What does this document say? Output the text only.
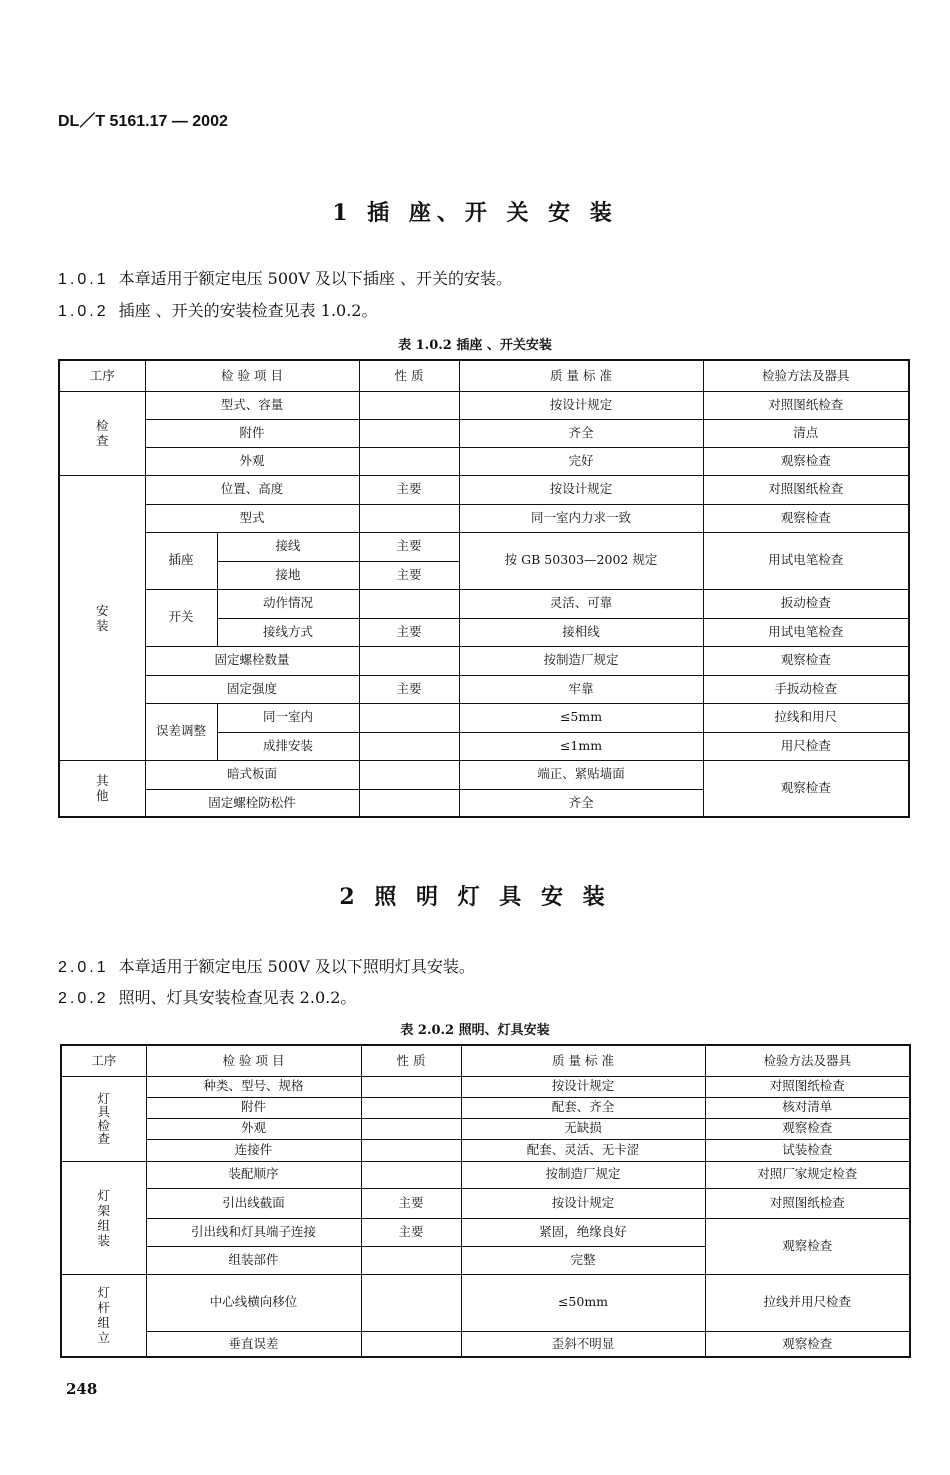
DL／T 5161.17 — 2002
1 插 座、开 关 安 装
1.0.1 本章适用于额定电压 500V 及以下插座 、开关的安装。
1.0.2 插座 、开关的安装检查见表 1.0.2。
表 1.0.2 插座 、开关安装
工序	检 验 项 目		性 质	质 量 标 准	检验方法及器具
检
查	型式、容量			按设计规定	对照图纸检查
	附件			齐全	清点
	外观			完好	观察检查
安
装	位置、高度		主要	按设计规定	对照图纸检查
	型式			同一室内力求一致	观察检查
	插座	接线	主要	按 GB 50303—2002 规定	用试电笔检查
		接地	主要		
	开关	动作情况		灵活、可靠	扳动检查
		接线方式	主要	接相线	用试电笔检查
	固定螺栓数量			按制造厂规定	观察检查
	固定强度		主要	牢靠	手扳动检查
	误差调整	同一室内		≤5mm	拉线和用尺
		成排安装		≤1mm	用尺检查
其
他	暗式板面			端正、紧贴墙面	观察检查
	固定螺栓防松件			齐全	
2 照 明 灯 具 安 装
2.0.1 本章适用于额定电压 500V 及以下照明灯具安装。
2.0.2 照明、灯具安装检查见表 2.0.2。
表 2.0.2 照明、灯具安装
工序	检 验 项 目	性 质	质 量 标 准	检验方法及器具
灯
具
检
查	种类、型号、规格		按设计规定	对照图纸检查
	附件		配套、齐全	核对清单
	外观		无缺损	观察检查
	连接件		配套、灵活、无卡涩	试装检查
灯
架
组
装	装配顺序		按制造厂规定	对照厂家规定检查
	引出线截面	主要	按设计规定	对照图纸检查
	引出线和灯具端子连接	主要	紧固，绝缘良好	观察检查
	组装部件		完整	
灯
杆
组
立	中心线横向移位		≤50mm	拉线并用尺检查
	垂直误差		歪斜不明显	观察检查
248
